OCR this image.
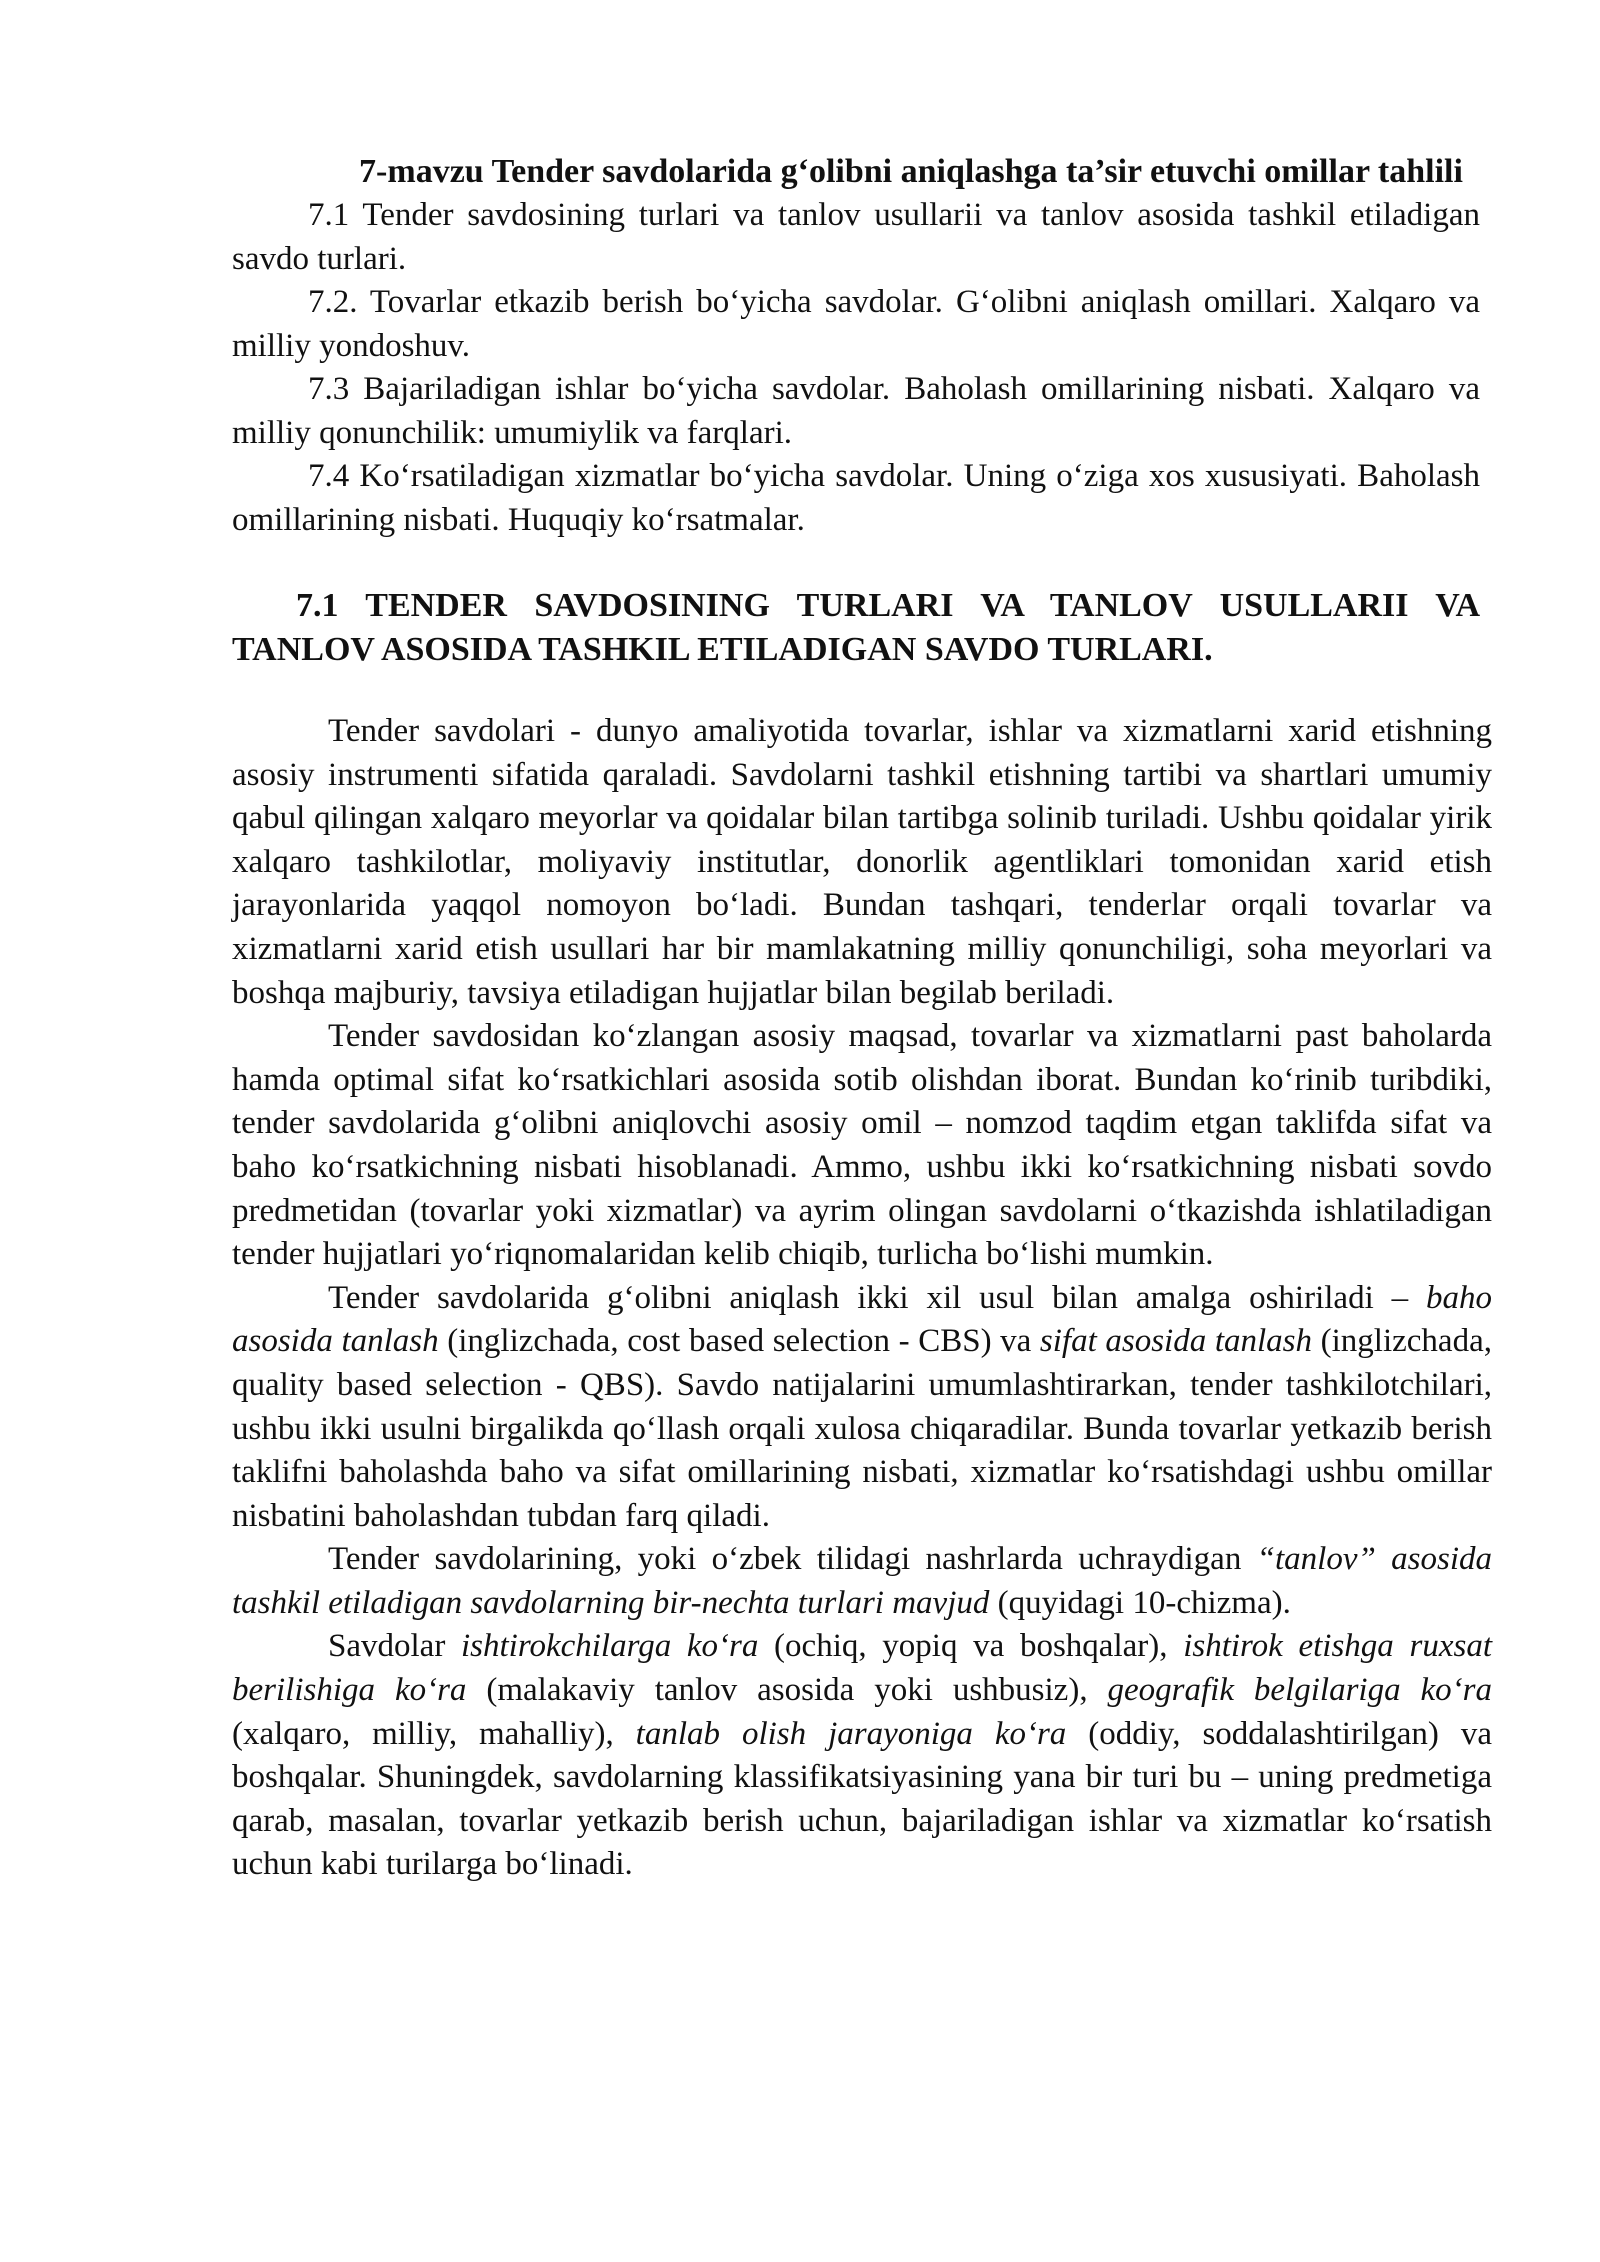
7-mavzu Tender savdolarida g‘olibni aniqlashga ta’sir etuvchi omillar tahlili

7.1 Tender savdosining turlari va tanlov usullarii va tanlov asosida tashkil etiladigan savdo turlari.

7.2. Tovarlar etkazib berish bo‘yicha savdolar. G‘olibni aniqlash omillari. Xalqaro va milliy yondoshuv.

7.3 Bajariladigan ishlar bo‘yicha savdolar. Baholash omillarining nisbati. Xalqaro va milliy qonunchilik: umumiylik va farqlari.

7.4 Ko‘rsatiladigan xizmatlar bo‘yicha savdolar. Uning o‘ziga xos xususiyati. Baholash omillarining nisbati. Huquqiy ko‘rsatmalar.

7.1 TENDER SAVDOSINING TURLARI VA TANLOV USULLARII VA TANLOV ASOSIDA TASHKIL ETILADIGAN SAVDO TURLARI.

Tender savdolari - dunyo amaliyotida tovarlar, ishlar va xizmatlarni xarid etishning asosiy instrumenti sifatida qaraladi. Savdolarni tashkil etishning tartibi va shartlari umumiy qabul qilingan xalqaro meyorlar va qoidalar bilan tartibga solinib turiladi. Ushbu qoidalar yirik xalqaro tashkilotlar, moliyaviy institutlar, donorlik agentliklari tomonidan xarid etish jarayonlarida yaqqol nomoyon bo‘ladi. Bundan tashqari, tenderlar orqali tovarlar va xizmatlarni xarid etish usullari har bir mamlakatning milliy qonunchiligi, soha meyorlari va boshqa majburiy, tavsiya etiladigan hujjatlar bilan begilab beriladi.

Tender savdosidan ko‘zlangan asosiy maqsad, tovarlar va xizmatlarni past baholarda hamda optimal sifat ko‘rsatkichlari asosida sotib olishdan iborat. Bundan ko‘rinib turibdiki, tender savdolarida g‘olibni aniqlovchi asosiy omil – nomzod taqdim etgan taklifda sifat va baho ko‘rsatkichning nisbati hisoblanadi. Ammo, ushbu ikki ko‘rsatkichning nisbati sovdo predmetidan (tovarlar yoki xizmatlar) va ayrim olingan savdolarni o‘tkazishda ishlatiladigan tender hujjatlari yo‘riqnomalaridan kelib chiqib, turlicha bo‘lishi mumkin.

Tender savdolarida g‘olibni aniqlash ikki xil usul bilan amalga oshiriladi – baho asosida tanlash (inglizchada, cost based selection - CBS) va sifat asosida tanlash (inglizchada, quality based selection - QBS). Savdo natijalarini umumlashtirarkan, tender tashkilotchilari, ushbu ikki usulni birgalikda qo‘llash orqali xulosa chiqaradilar. Bunda tovarlar yetkazib berish taklifni baholashda baho va sifat omillarining nisbati, xizmatlar ko‘rsatishdagi ushbu omillar nisbatini baholashdan tubdan farq qiladi.

Tender savdolarining, yoki o‘zbek tilidagi nashrlarda uchraydigan “tanlov” asosida tashkil etiladigan savdolarning bir-nechta turlari mavjud (quyidagi 10-chizma).

Savdolar ishtirokchilarga ko‘ra (ochiq, yopiq va boshqalar), ishtirok etishga ruxsat berilishiga ko‘ra (malakaviy tanlov asosida yoki ushbusiz), geografik belgilariga ko‘ra (xalqaro, milliy, mahalliy), tanlab olish jarayoniga ko‘ra (oddiy, soddalashtirilgan) va boshqalar. Shuningdek, savdolarning klassifikatsiyasining yana bir turi bu – uning predmetiga qarab, masalan, tovarlar yetkazib berish uchun, bajariladigan ishlar va xizmatlar ko‘rsatish uchun kabi turilarga bo‘linadi.
